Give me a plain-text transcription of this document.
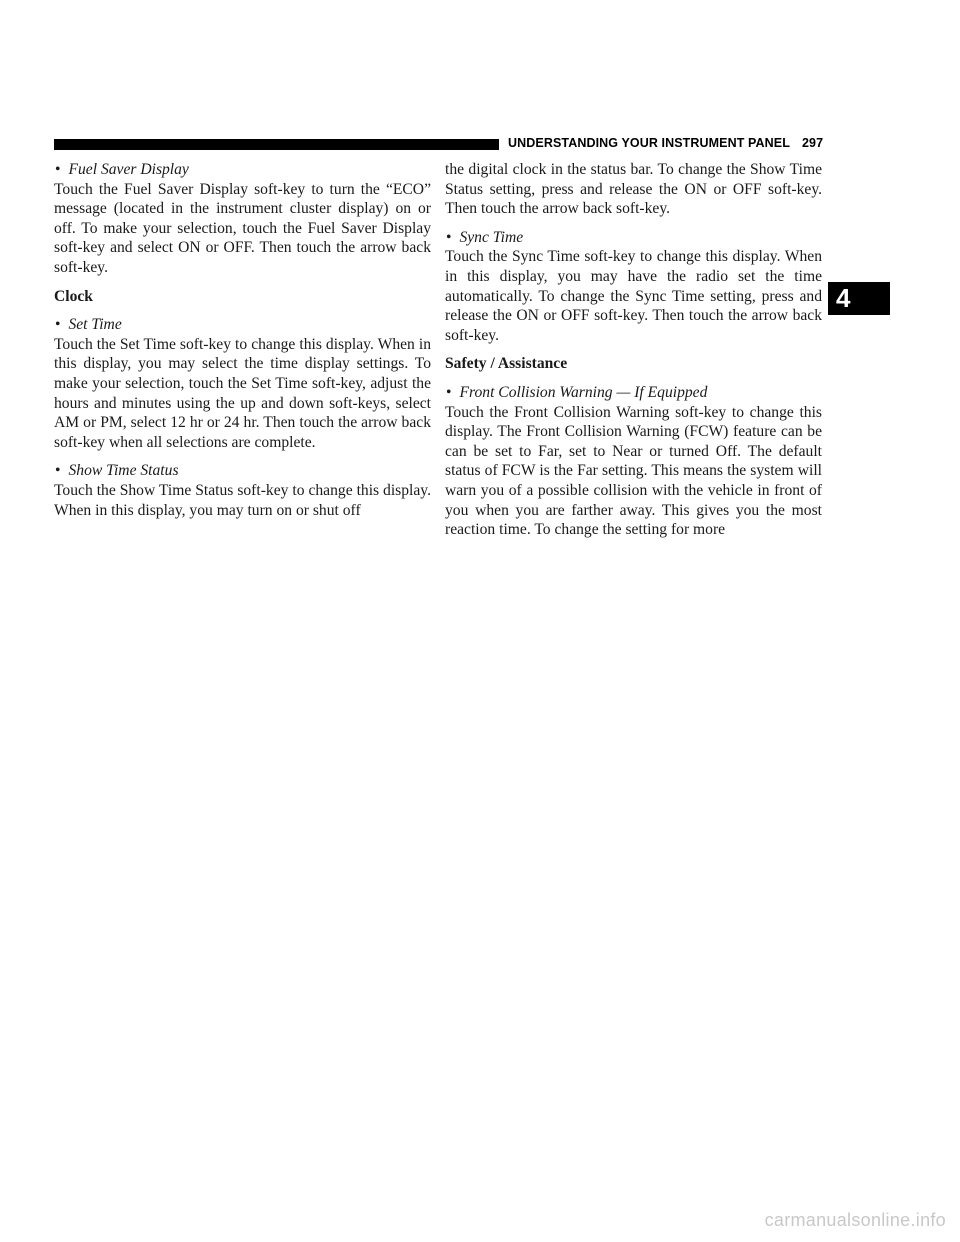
UNDERSTANDING YOUR INSTRUMENT PANEL 297
4

• Fuel Saver Display

Touch the Fuel Saver Display soft-key to turn the “ECO” message (located in the instrument cluster display) on or off. To make your selection, touch the Fuel Saver Display soft-key and select ON or OFF. Then touch the arrow back soft-key.

Clock

• Set Time

Touch the Set Time soft-key to change this display. When in this display, you may select the time display settings. To make your selection, touch the Set Time soft-key, adjust the hours and minutes using the up and down soft-keys, select AM or PM, select 12 hr or 24 hr. Then touch the arrow back soft-key when all selections are complete.

• Show Time Status

Touch the Show Time Status soft-key to change this display. When in this display, you may turn on or shut off

the digital clock in the status bar. To change the Show Time Status setting, press and release the ON or OFF soft-key. Then touch the arrow back soft-key.

• Sync Time

Touch the Sync Time soft-key to change this display. When in this display, you may have the radio set the time automatically. To change the Sync Time setting, press and release the ON or OFF soft-key. Then touch the arrow back soft-key.

Safety / Assistance

• Front Collision Warning — If Equipped

Touch the Front Collision Warning soft-key to change this display. The Front Collision Warning (FCW) feature can be can be set to Far, set to Near or turned Off. The default status of FCW is the Far setting. This means the system will warn you of a possible collision with the vehicle in front of you when you are farther away. This gives you the most reaction time. To change the setting for more

carmanualsonline.info
